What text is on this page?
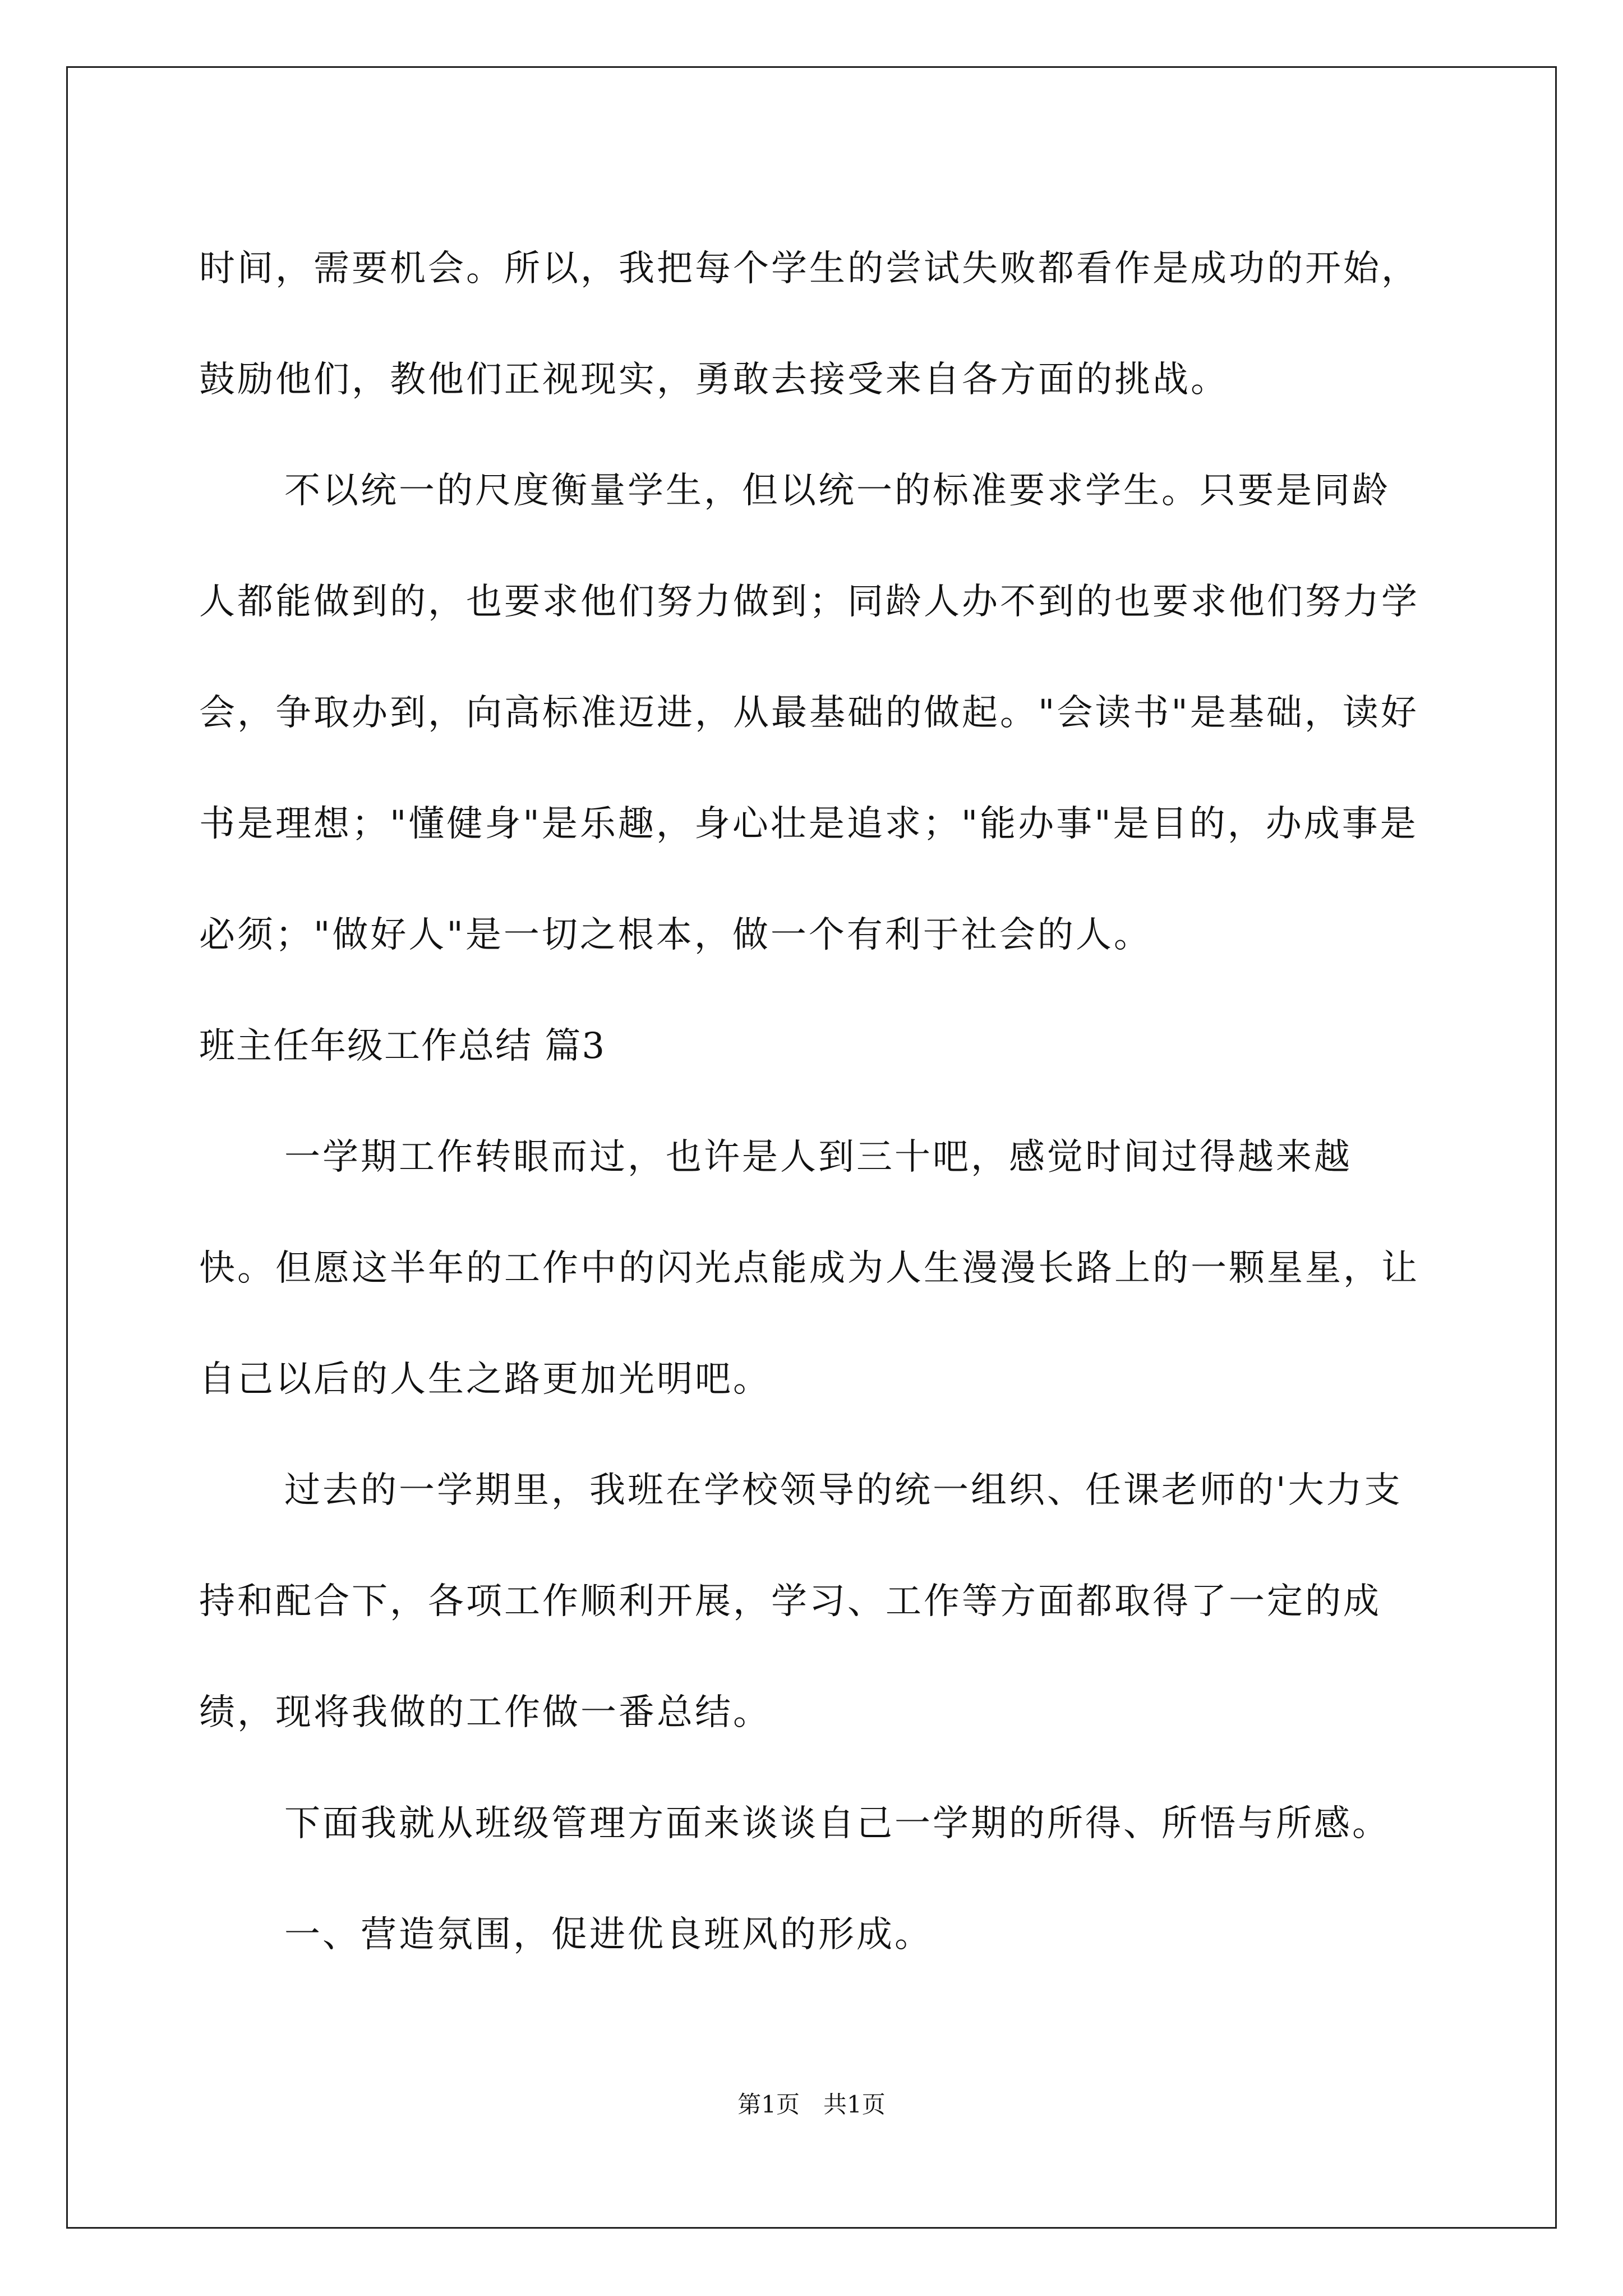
时间，需要机会。所以，我把每个学生的尝试失败都看作是成功的开始，鼓励他们，教他们正视现实，勇敢去接受来自各方面的挑战。

不以统一的尺度衡量学生，但以统一的标准要求学生。只要是同龄人都能做到的，也要求他们努力做到；同龄人办不到的也要求他们努力学会，争取办到，向高标准迈进，从最基础的做起。"会读书"是基础，读好书是理想；"懂健身"是乐趣，身心壮是追求；"能办事"是目的，办成事是必须；"做好人"是一切之根本，做一个有利于社会的人。

班主任年级工作总结 篇3

一学期工作转眼而过，也许是人到三十吧，感觉时间过得越来越快。但愿这半年的工作中的闪光点能成为人生漫漫长路上的一颗星星，让自己以后的人生之路更加光明吧。

过去的一学期里，我班在学校领导的统一组织、任课老师的'大力支持和配合下，各项工作顺利开展，学习、工作等方面都取得了一定的成绩，现将我做的工作做一番总结。

下面我就从班级管理方面来谈谈自己一学期的所得、所悟与所感。

一、营造氛围，促进优良班风的形成。

第1页　共1页
